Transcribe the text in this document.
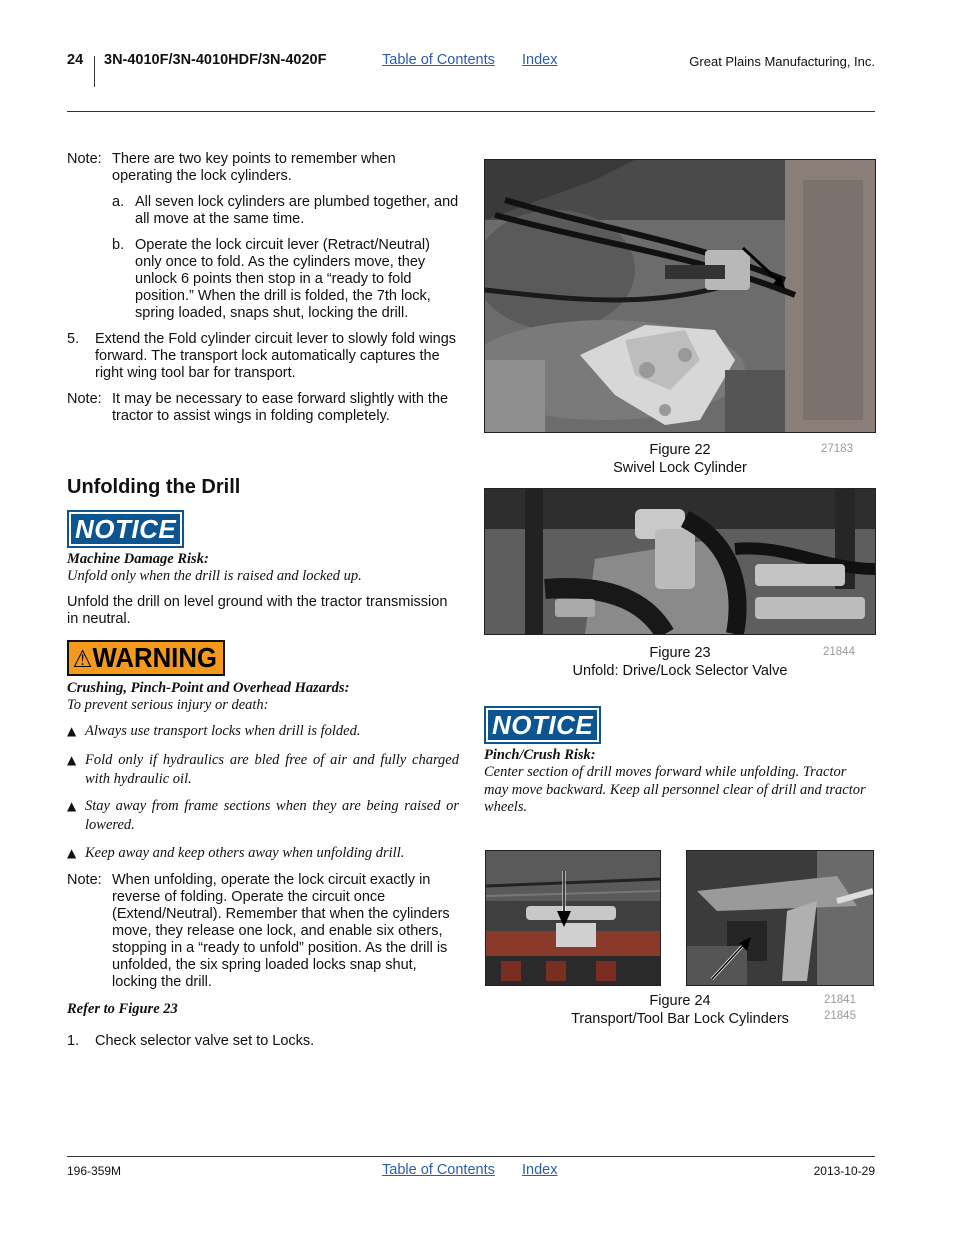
24 3N-4010F/3N-4010HDF/3N-4020F	Table of Contents Index	Great Plains Manufacturing, Inc.
Note: There are two key points to remember when operating the lock cylinders.
a. All seven lock cylinders are plumbed together, and all move at the same time.
b. Operate the lock circuit lever (Retract/Neutral) only once to fold. As the cylinders move, they unlock 6 points then stop in a “ready to fold position.” When the drill is folded, the 7th lock, spring loaded, snaps shut, locking the drill.
5. Extend the Fold cylinder circuit lever to slowly fold wings forward. The transport lock automatically captures the right wing tool bar for transport.
Note: It may be necessary to ease forward slightly with the tractor to assist wings in folding completely.
Unfolding the Drill
NOTICE
Machine Damage Risk:
Unfold only when the drill is raised and locked up.
Unfold the drill on level ground with the tractor transmission in neutral.
⚠WARNING
Crushing, Pinch-Point and Overhead Hazards:
To prevent serious injury or death:
▲ Always use transport locks when drill is folded.
▲ Fold only if hydraulics are bled free of air and fully charged with hydraulic oil.
▲ Stay away from frame sections when they are being raised or lowered.
▲ Keep away and keep others away when unfolding drill.
Note: When unfolding, operate the lock circuit exactly in reverse of folding. Operate the circuit once (Extend/Neutral). Remember that when the cylinders move, they release one lock, and enable six others, stopping in a “ready to unfold” position. As the drill is unfolded, the six spring loaded locks snap shut, locking the drill.
Refer to Figure 23
1. Check selector valve set to Locks.
Figure 22
Swivel Lock Cylinder
27183
Figure 23
Unfold: Drive/Lock Selector Valve
21844
NOTICE
Pinch/Crush Risk:
Center section of drill moves forward while unfolding. Tractor may move backward. Keep all personnel clear of drill and tractor wheels.
Figure 24
Transport/Tool Bar Lock Cylinders
21841
21845
196-359M	Table of Contents Index	2013-10-29
